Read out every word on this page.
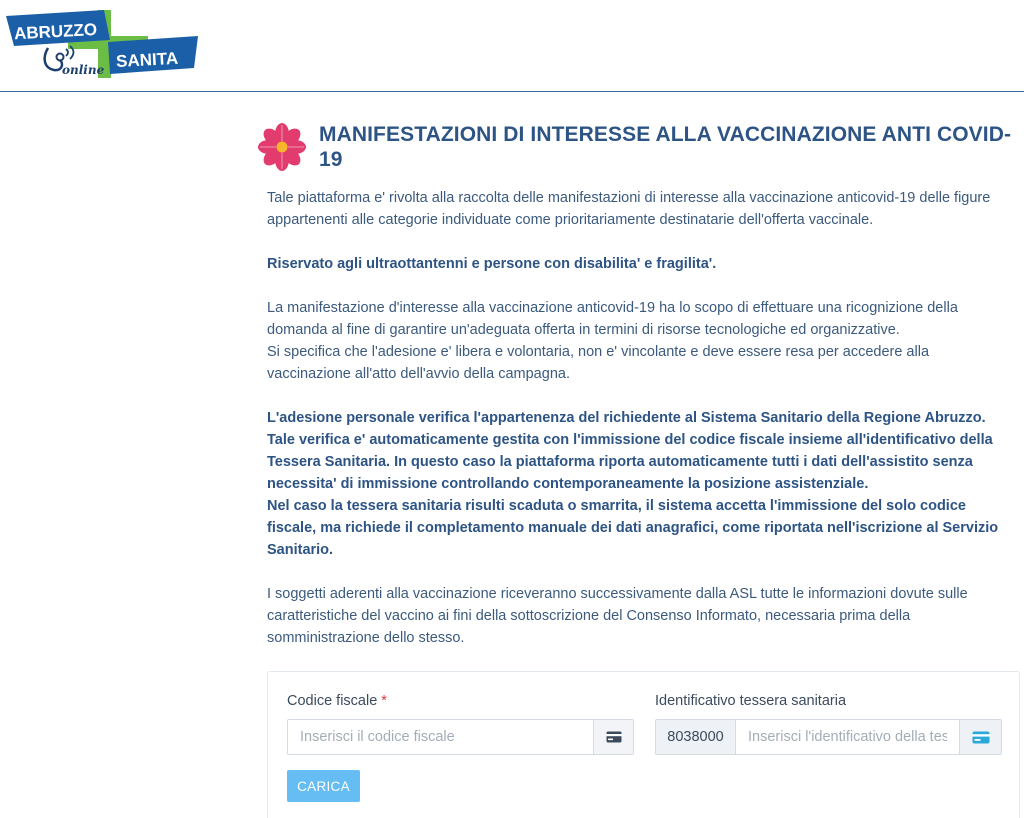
ABRUZZO
SANITA
online
MANIFESTAZIONI DI INTERESSE ALLA VACCINAZIONE ANTI COVID-19

Tale piattaforma e' rivolta alla raccolta delle manifestazioni di interesse alla vaccinazione anticovid-19 delle figure appartenenti alle categorie individuate come prioritariamente destinatarie dell'offerta vaccinale.

Riservato agli ultraottantenni e persone con disabilita' e fragilita'.

La manifestazione d'interesse alla vaccinazione anticovid-19 ha lo scopo di effettuare una ricognizione della domanda al fine di garantire un'adeguata offerta in termini di risorse tecnologiche ed organizzative.
Si specifica che l'adesione e' libera e volontaria, non e' vincolante e deve essere resa per accedere alla vaccinazione all'atto dell'avvio della campagna.
L'adesione personale verifica l'appartenenza del richiedente al Sistema Sanitario della Regione Abruzzo. Tale verifica e' automaticamente gestita con l'immissione del codice fiscale insieme all'identificativo della Tessera Sanitaria. In questo caso la piattaforma riporta automaticamente tutti i dati dell'assistito senza necessita' di immissione controllando contemporaneamente la posizione assistenziale.
Nel caso la tessera sanitaria risulti scaduta o smarrita, il sistema accetta l'immissione del solo codice fiscale, ma richiede il completamento manuale dei dati anagrafici, come riportata nell'iscrizione al Servizio Sanitario.

I soggetti aderenti alla vaccinazione riceveranno successivamente dalla ASL tutte le informazioni dovute sulle caratteristiche del vaccino ai fini della sottoscrizione del Consenso Informato, necessaria prima della somministrazione dello stesso.

Codice fiscale *
Inserisci il codice fiscale	Identificativo tessera sanitaria
8038000
Inserisci l'identificativo della tessera
CARICA
